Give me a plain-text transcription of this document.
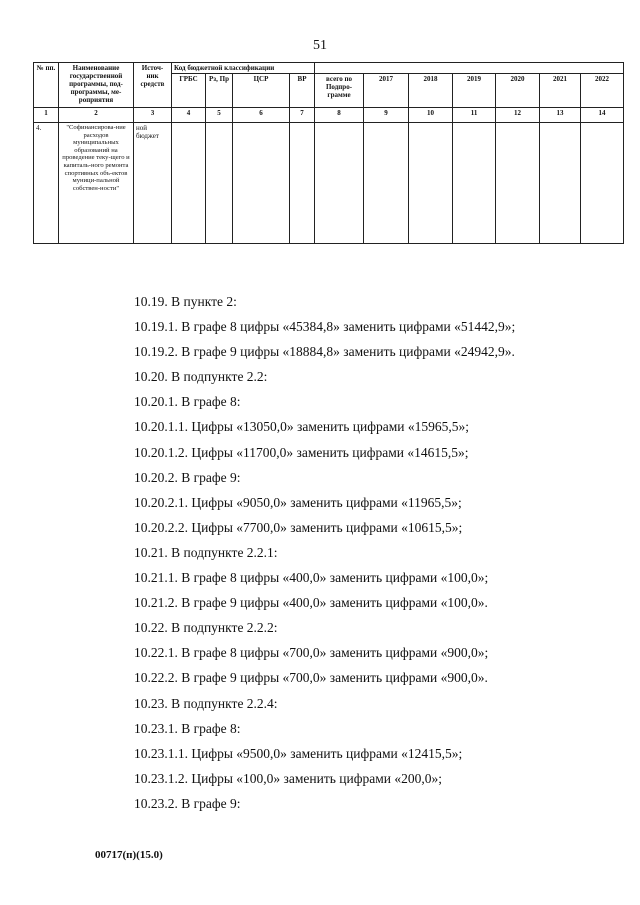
51
№ пп.	Наименование государственной программы, под-программы, ме-роприятия	Источ-ник средств	Код бюджетной классификации										
			ГРБС	Рз, Пр	ЦСР	ВР	всего по Подпро-грамме	2017	2018	2019	2020	2021	2022
1	2	3	4	5	6	7	8	9	10	11	12	13	14
4.	"Софинансирова-ние расходов муниципальных образований на проведение теку-щего и капиталь-ного ремонта спортивных объ-ектов муници-пальной собствен-ности"	ной бюджет											
10.19. В пункте 2:
10.19.1. В графе 8 цифры «45384,8» заменить цифрами «51442,9»;
10.19.2. В графе 9 цифры «18884,8» заменить цифрами «24942,9».
10.20. В подпункте 2.2:
10.20.1. В графе 8:
10.20.1.1. Цифры «13050,0» заменить цифрами «15965,5»;
10.20.1.2. Цифры «11700,0» заменить цифрами «14615,5»;
10.20.2. В графе 9:
10.20.2.1. Цифры «9050,0» заменить цифрами «11965,5»;
10.20.2.2. Цифры «7700,0» заменить цифрами «10615,5»;
10.21. В подпункте 2.2.1:
10.21.1. В графе 8 цифры «400,0» заменить цифрами «100,0»;
10.21.2. В графе 9 цифры «400,0» заменить цифрами «100,0».
10.22. В подпункте 2.2.2:
10.22.1. В графе 8 цифры «700,0» заменить цифрами «900,0»;
10.22.2. В графе 9 цифры «700,0» заменить цифрами «900,0».
10.23. В подпункте 2.2.4:
10.23.1. В графе 8:
10.23.1.1. Цифры «9500,0» заменить цифрами «12415,5»;
10.23.1.2. Цифры «100,0» заменить цифрами «200,0»;
10.23.2. В графе 9:
00717(п)(15.0)
